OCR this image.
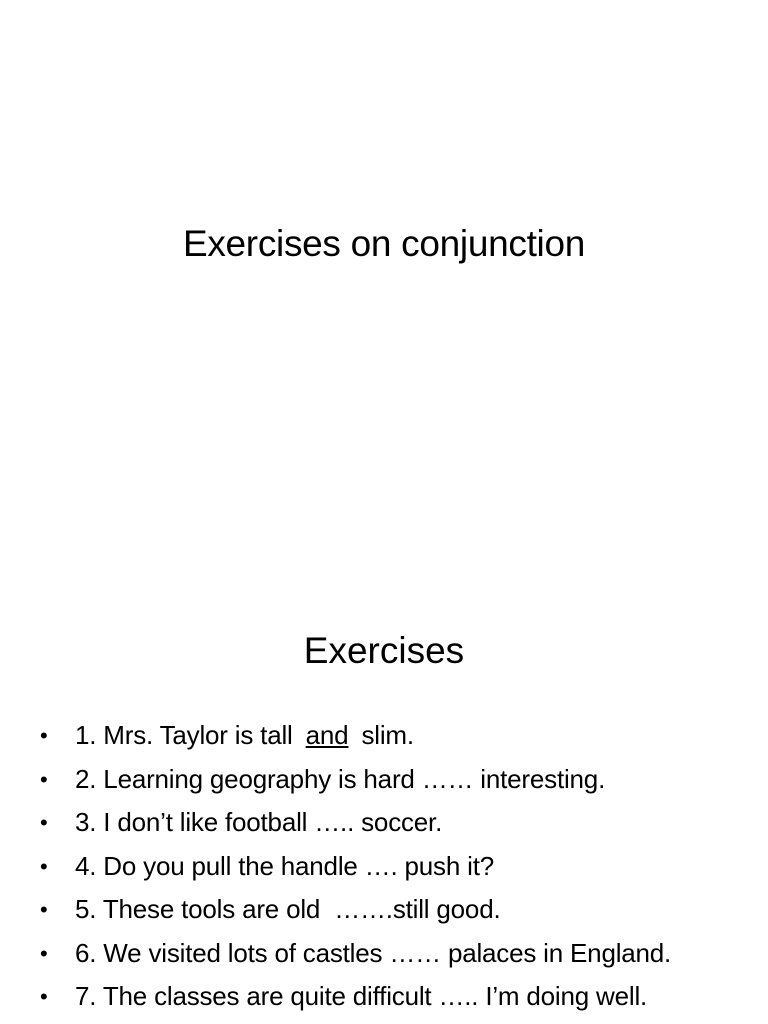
Exercises on conjunction
Exercises
• 1. Mrs. Taylor is tall and slim.
• 2. Learning geography is hard …… interesting.
• 3. I don’t like football ….. soccer.
• 4. Do you pull the handle …. push it?
• 5. These tools are old  …….still good.
• 6. We visited lots of castles …… palaces in England.
• 7. The classes are quite difficult ….. I’m doing well.
